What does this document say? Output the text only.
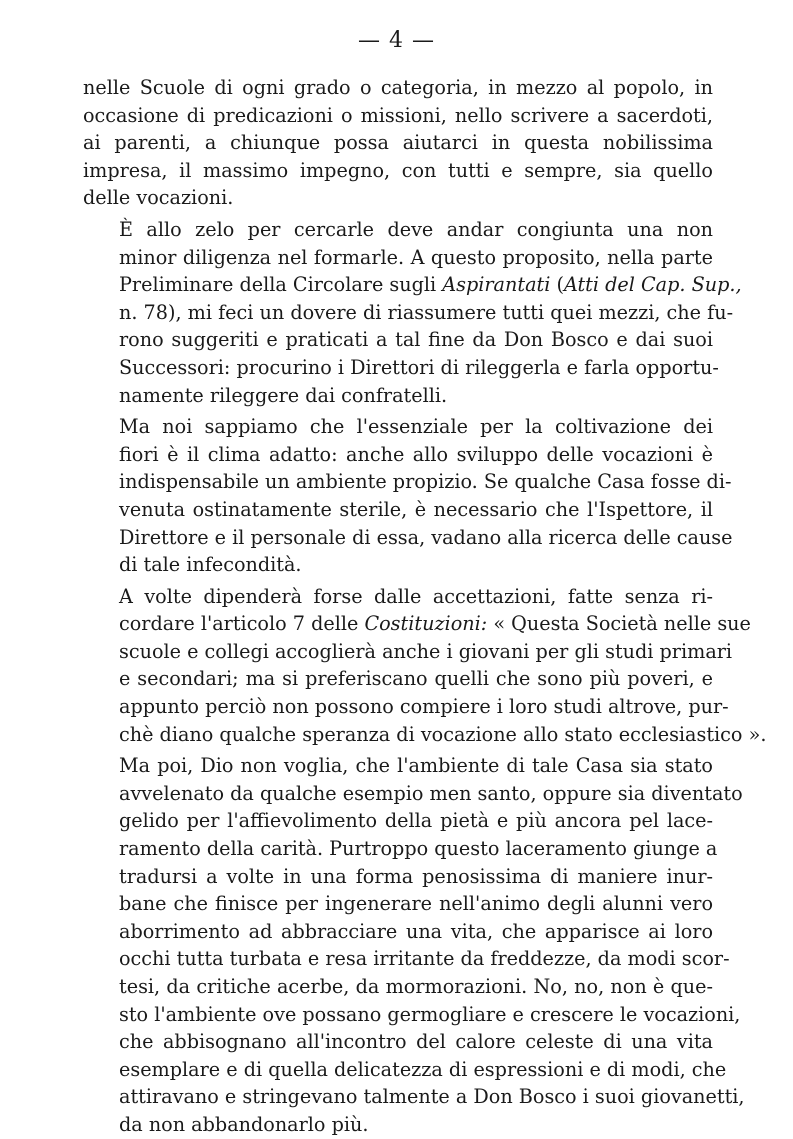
— 4 —

nelle Scuole di ogni grado o categoria, in mezzo al popolo, in
occasione di predicazioni o missioni, nello scrivere a sacerdoti,
ai parenti, a chiunque possa aiutarci in questa nobilissima
impresa, il massimo impegno, con tutti e sempre, sia quello
delle vocazioni.

È allo zelo per cercarle deve andar congiunta una non
minor diligenza nel formarle. A questo proposito, nella parte
Preliminare della Circolare sugli Aspirantati (Atti del Cap. Sup.,
n. 78), mi feci un dovere di riassumere tutti quei mezzi, che fu-
rono suggeriti e praticati a tal fine da Don Bosco e dai suoi
Successori: procurino i Direttori di rileggerla e farla opportu-
namente rileggere dai confratelli.

Ma noi sappiamo che l'essenziale per la coltivazione dei
fiori è il clima adatto: anche allo sviluppo delle vocazioni è
indispensabile un ambiente propizio. Se qualche Casa fosse di-
venuta ostinatamente sterile, è necessario che l'Ispettore, il
Direttore e il personale di essa, vadano alla ricerca delle cause
di tale infecondità.

A volte dipenderà forse dalle accettazioni, fatte senza ri-
cordare l'articolo 7 delle Costituzioni: « Questa Società nelle sue
scuole e collegi accoglierà anche i giovani per gli studi primari
e secondari; ma si preferiscano quelli che sono più poveri, e
appunto perciò non possono compiere i loro studi altrove, pur-
chè diano qualche speranza di vocazione allo stato ecclesiastico ».

Ma poi, Dio non voglia, che l'ambiente di tale Casa sia stato
avvelenato da qualche esempio men santo, oppure sia diventato
gelido per l'affievolimento della pietà e più ancora pel lace-
ramento della carità. Purtroppo questo laceramento giunge a
tradursi a volte in una forma penosissima di maniere inur-
bane che finisce per ingenerare nell'animo degli alunni vero
aborrimento ad abbracciare una vita, che apparisce ai loro
occhi tutta turbata e resa irritante da freddezze, da modi scor-
tesi, da critiche acerbe, da mormorazioni. No, no, non è que-
sto l'ambiente ove possano germogliare e crescere le vocazioni,
che abbisognano all'incontro del calore celeste di una vita
esemplare e di quella delicatezza di espressioni e di modi, che
attiravano e stringevano talmente a Don Bosco i suoi giovanetti,
da non abbandonarlo più.
